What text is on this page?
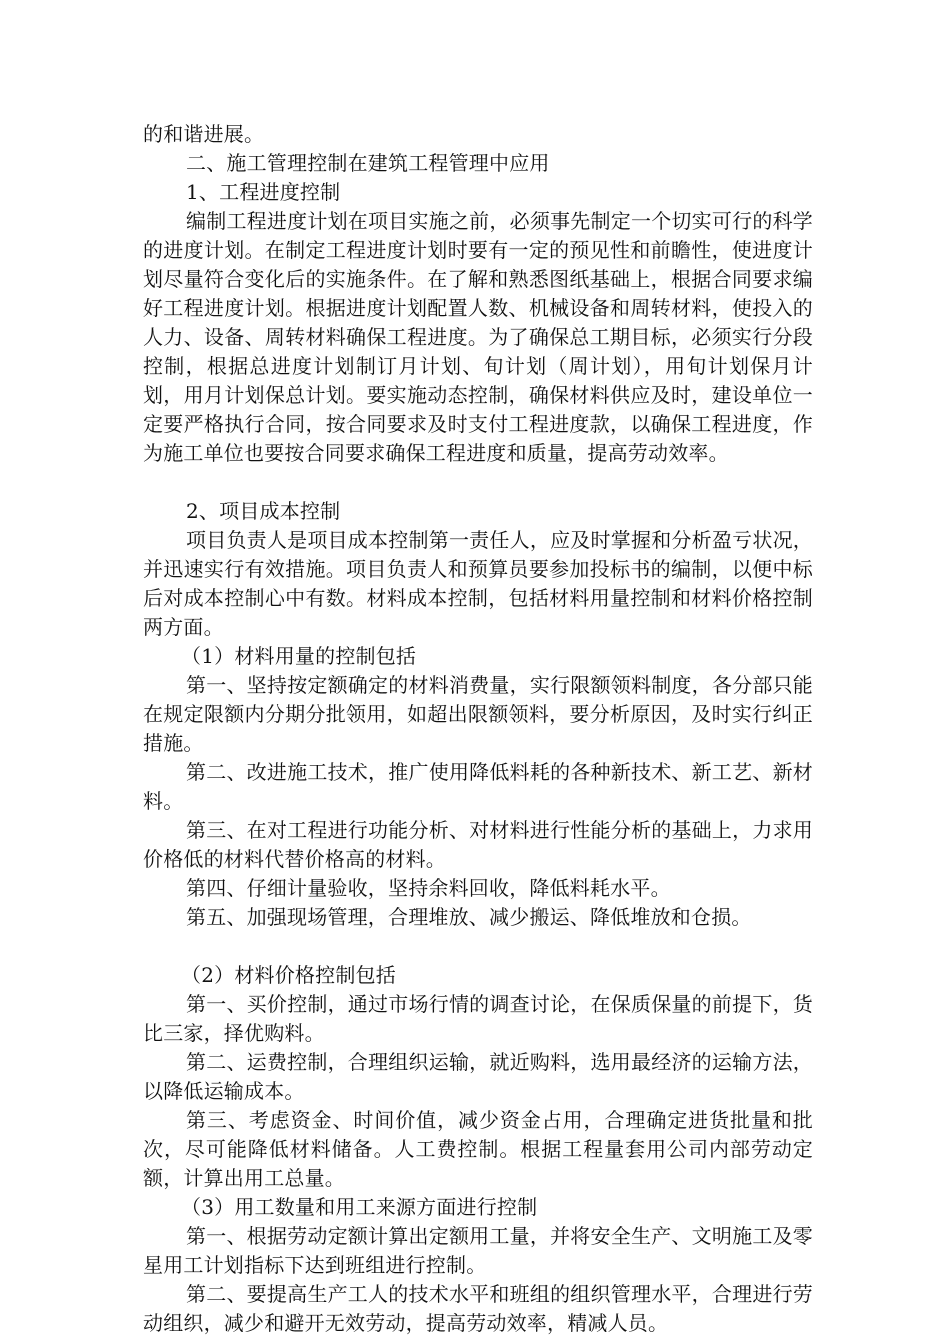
的和谐进展。

二、施工管理控制在建筑工程管理中应用

1、工程进度控制

编制工程进度计划在项目实施之前，必须事先制定一个切实可行的科学的进度计划。在制定工程进度计划时要有一定的预见性和前瞻性，使进度计划尽量符合变化后的实施条件。在了解和熟悉图纸基础上，根据合同要求编好工程进度计划。根据进度计划配置人数、机械设备和周转材料，使投入的人力、设备、周转材料确保工程进度。为了确保总工期目标，必须实行分段控制，根据总进度计划制订月计划、旬计划（周计划），用旬计划保月计划，用月计划保总计划。要实施动态控制，确保材料供应及时，建设单位一定要严格执行合同，按合同要求及时支付工程进度款，以确保工程进度，作为施工单位也要按合同要求确保工程进度和质量，提高劳动效率。

2、项目成本控制

项目负责人是项目成本控制第一责任人，应及时掌握和分析盈亏状况，并迅速实行有效措施。项目负责人和预算员要参加投标书的编制，以便中标后对成本控制心中有数。材料成本控制，包括材料用量控制和材料价格控制两方面。

（1）材料用量的控制包括

第一、坚持按定额确定的材料消费量，实行限额领料制度，各分部只能在规定限额内分期分批领用，如超出限额领料，要分析原因，及时实行纠正措施。

第二、改进施工技术，推广使用降低料耗的各种新技术、新工艺、新材料。

第三、在对工程进行功能分析、对材料进行性能分析的基础上，力求用价格低的材料代替价格高的材料。

第四、仔细计量验收，坚持余料回收，降低料耗水平。

第五、加强现场管理，合理堆放、减少搬运、降低堆放和仓损。

（2）材料价格控制包括

第一、买价控制，通过市场行情的调查讨论，在保质保量的前提下，货比三家，择优购料。

第二、运费控制，合理组织运输，就近购料，选用最经济的运输方法，以降低运输成本。

第三、考虑资金、时间价值，减少资金占用，合理确定进货批量和批次，尽可能降低材料储备。人工费控制。根据工程量套用公司内部劳动定额，计算出用工总量。

（3）用工数量和用工来源方面进行控制

第一、根据劳动定额计算出定额用工量，并将安全生产、文明施工及零星用工计划指标下达到班组进行控制。

第二、要提高生产工人的技术水平和班组的组织管理水平，合理进行劳动组织，减少和避开无效劳动，提高劳动效率，精减人员。
